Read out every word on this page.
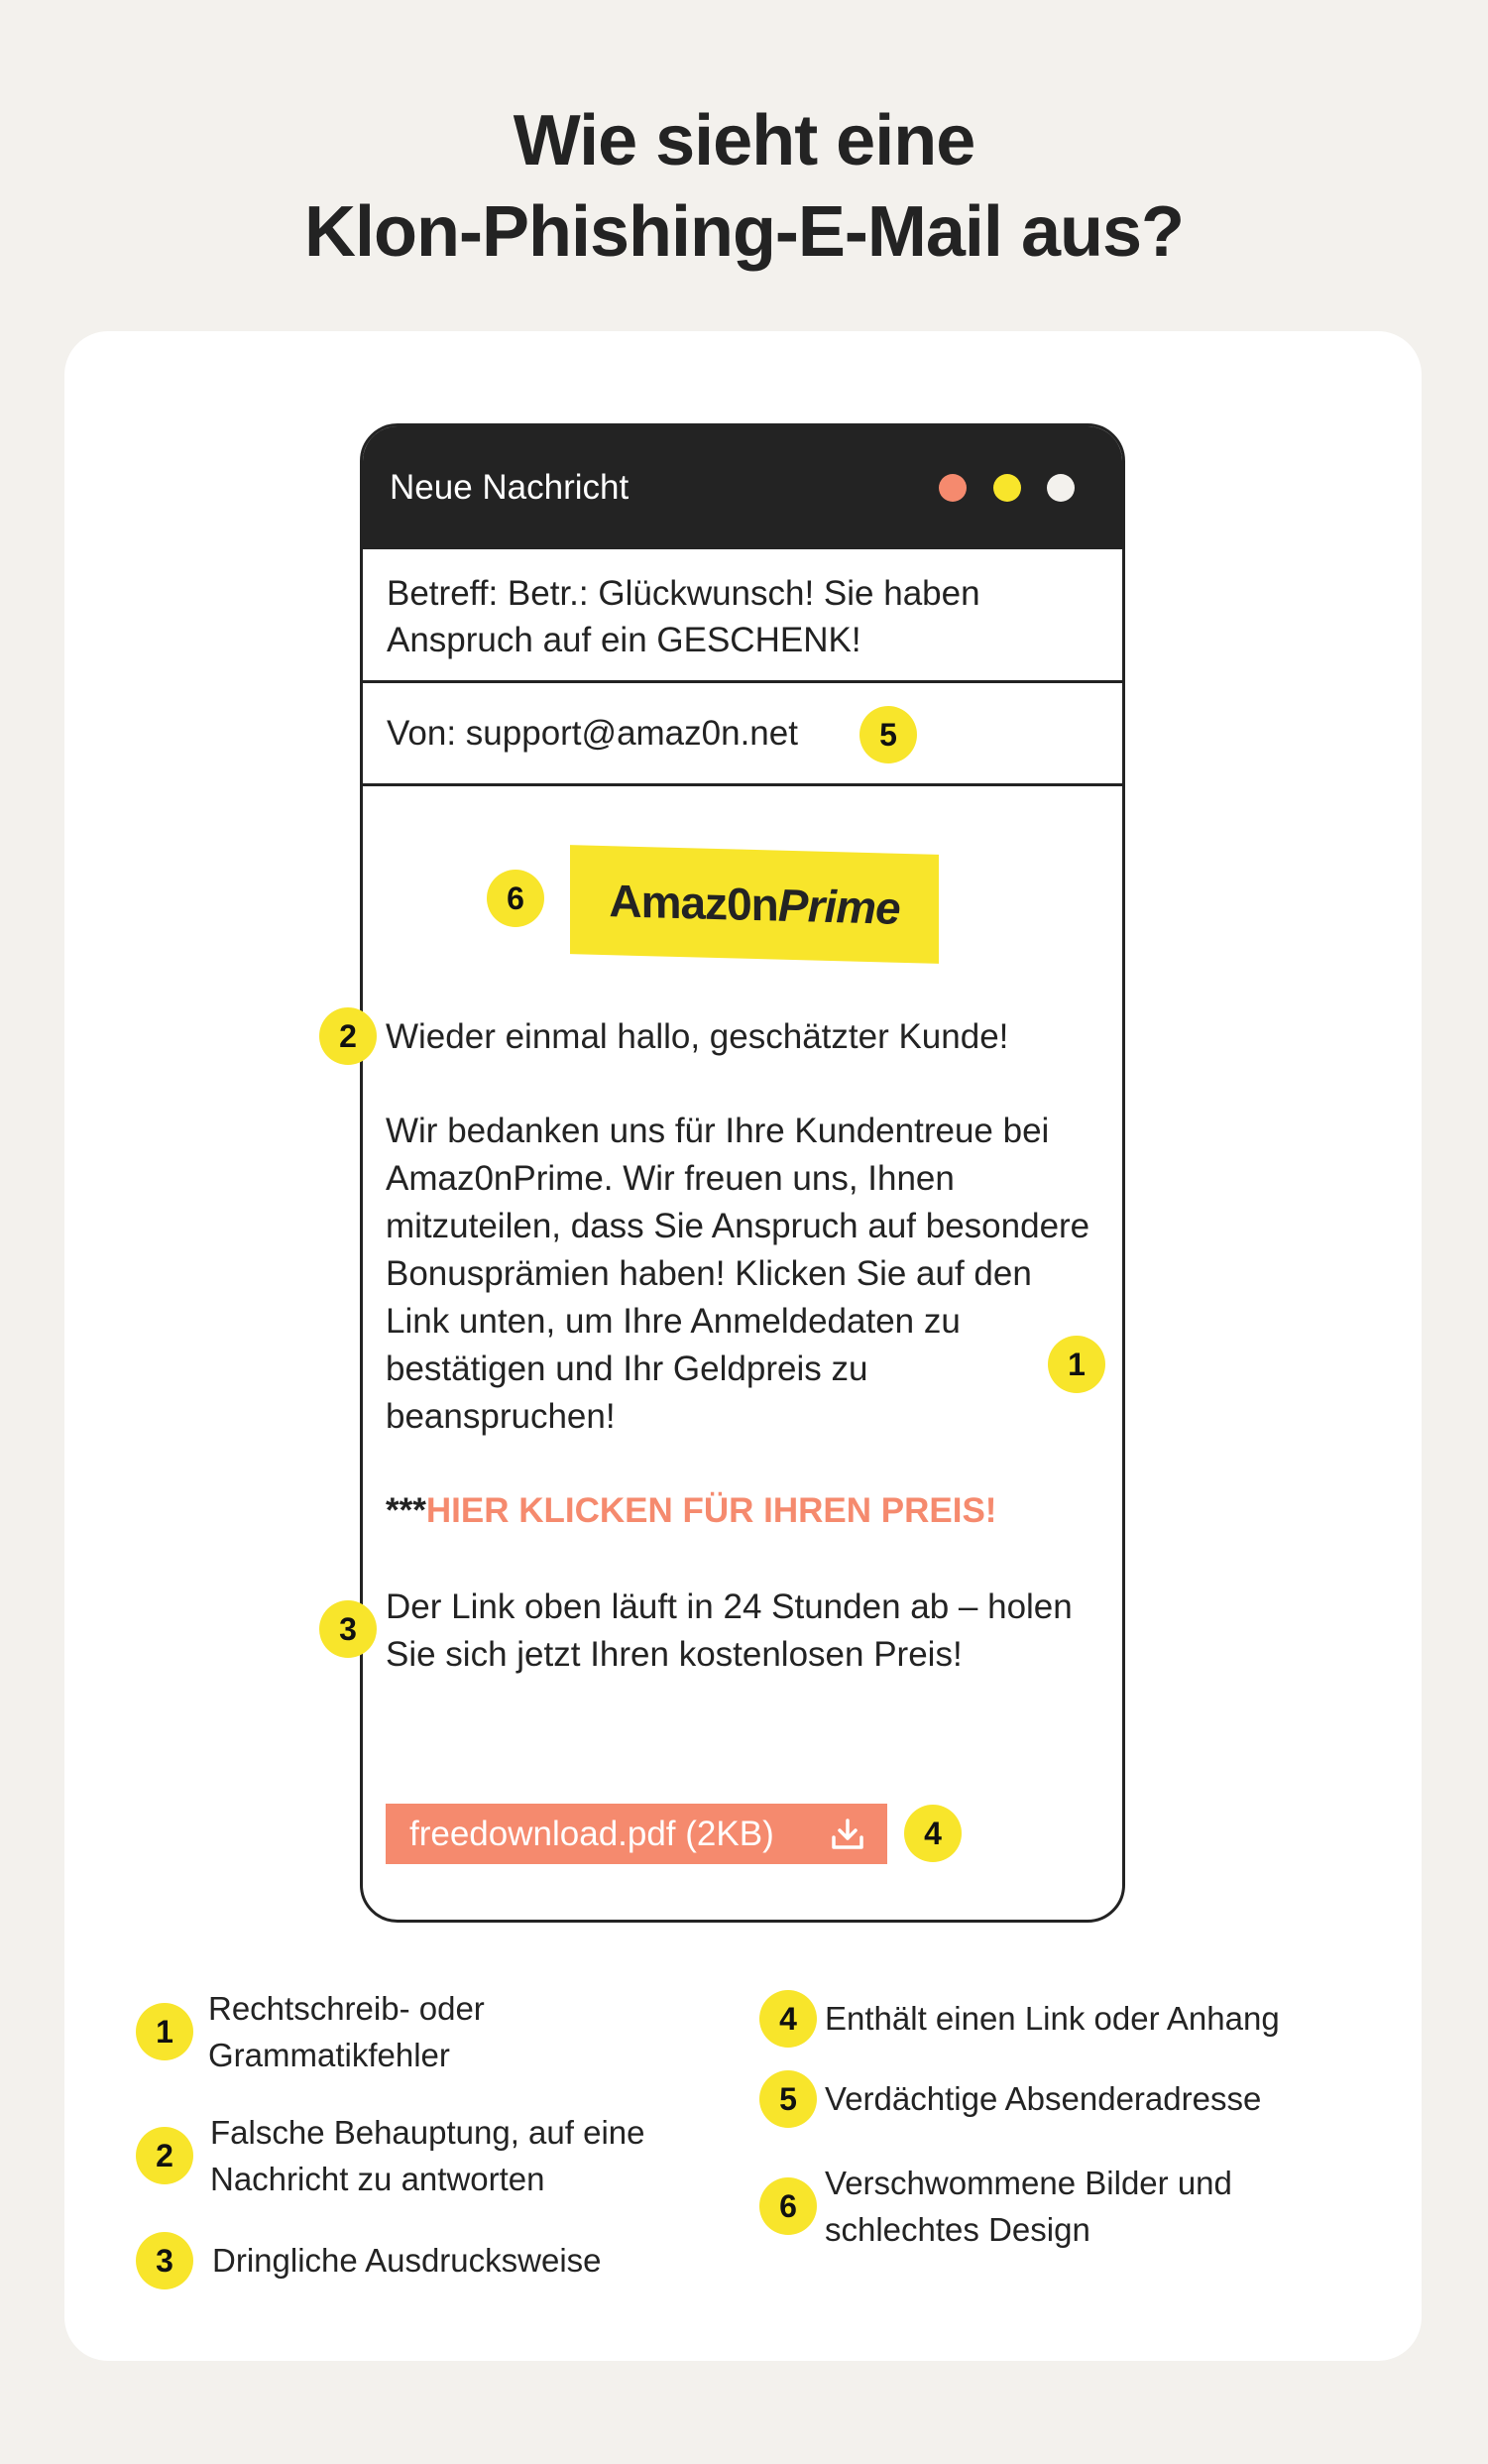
Wie sieht eine
Klon-Phishing-E-Mail aus?
Neue Nachricht
Betreff: Betr.: Glückwunsch! Sie haben Anspruch auf ein GESCHENK!
Von: support@amaz0n.net	5
6	Amaz0nPrime
2 Wieder einmal hallo, geschätzter Kunde!
Wir bedanken uns für Ihre Kundentreue bei Amaz0nPrime. Wir freuen uns, Ihnen mitzuteilen, dass Sie Anspruch auf besondere Bonusprämien haben! Klicken Sie auf den Link unten, um Ihre Anmeldedaten zu bestätigen und Ihr Geldpreis zu beanspruchen!
1
***HIER KLICKEN FÜR IHREN PREIS!
3
Der Link oben läuft in 24 Stunden ab – holen Sie sich jetzt Ihren kostenlosen Preis!
freedownload.pdf (2KB)	4
1
Rechtschreib- oder
Grammatikfehler
2
Falsche Behauptung, auf eine
Nachricht zu antworten
3	Dringliche Ausdrucksweise
4 Enthält einen Link oder Anhang
5 Verdächtige Absenderadresse
6
Verschwommene Bilder und
schlechtes Design
